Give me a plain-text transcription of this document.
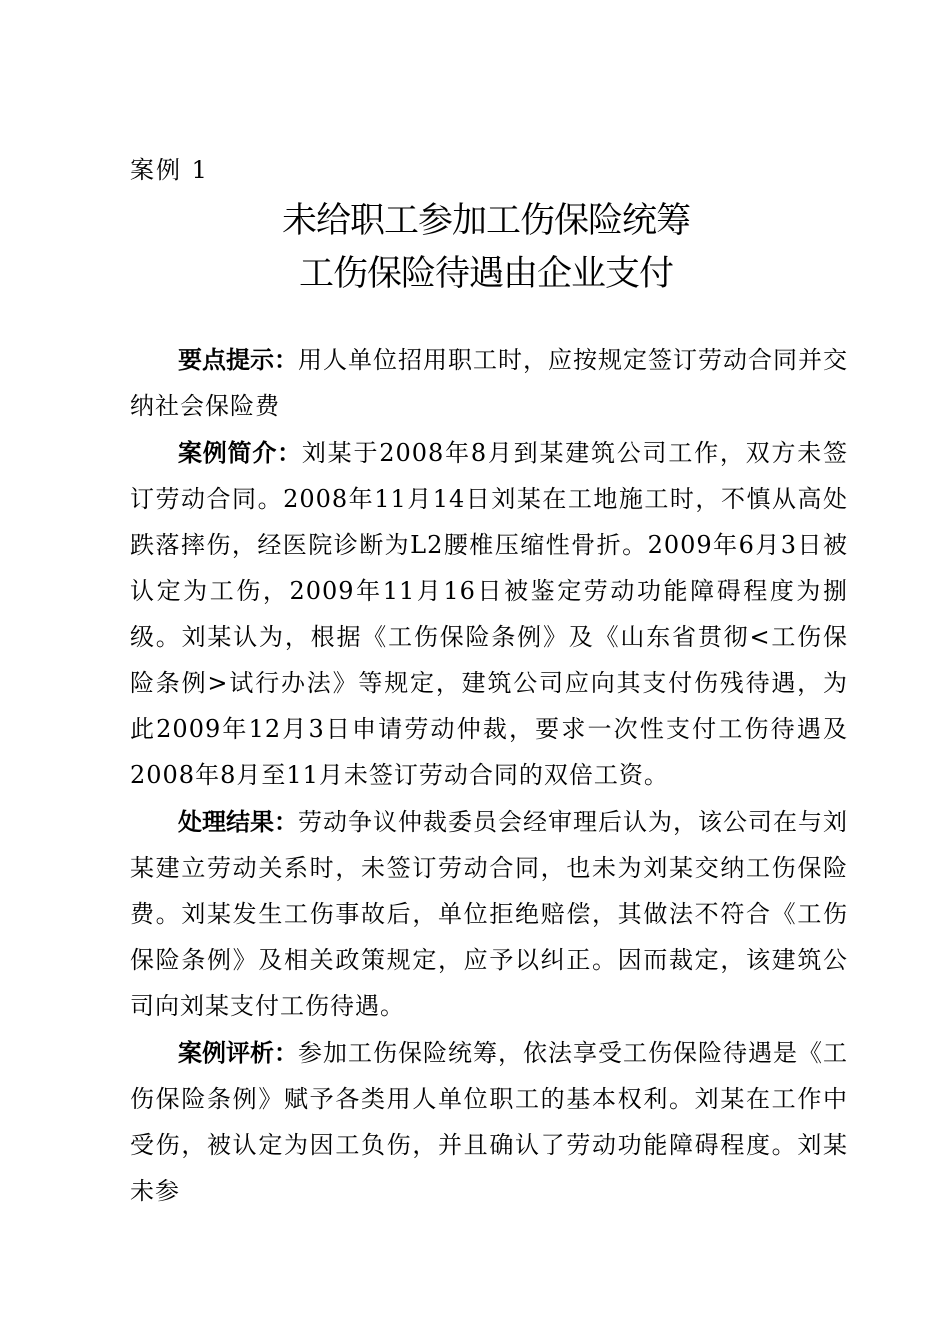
案例 1
未给职工参加工伤保险统筹
工伤保险待遇由企业支付

要点提示：用人单位招用职工时，应按规定签订劳动合同并交纳社会保险费

案例简介：刘某于2008年8月到某建筑公司工作，双方未签订劳动合同。2008年11月14日刘某在工地施工时，不慎从高处跌落摔伤，经医院诊断为L2腰椎压缩性骨折。2009年6月3日被认定为工伤，2009年11月16日被鉴定劳动功能障碍程度为捌级。刘某认为，根据《工伤保险条例》及《山东省贯彻<工伤保险条例>试行办法》等规定，建筑公司应向其支付伤残待遇，为此2009年12月3日申请劳动仲裁，要求一次性支付工伤待遇及2008年8月至11月未签订劳动合同的双倍工资。

处理结果：劳动争议仲裁委员会经审理后认为，该公司在与刘某建立劳动关系时，未签订劳动合同，也未为刘某交纳工伤保险费。刘某发生工伤事故后，单位拒绝赔偿，其做法不符合《工伤保险条例》及相关政策规定，应予以纠正。因而裁定，该建筑公司向刘某支付工伤待遇。

案例评析：参加工伤保险统筹，依法享受工伤保险待遇是《工伤保险条例》赋予各类用人单位职工的基本权利。刘某在工作中受伤，被认定为因工负伤，并且确认了劳动功能障碍程度。刘某未参
